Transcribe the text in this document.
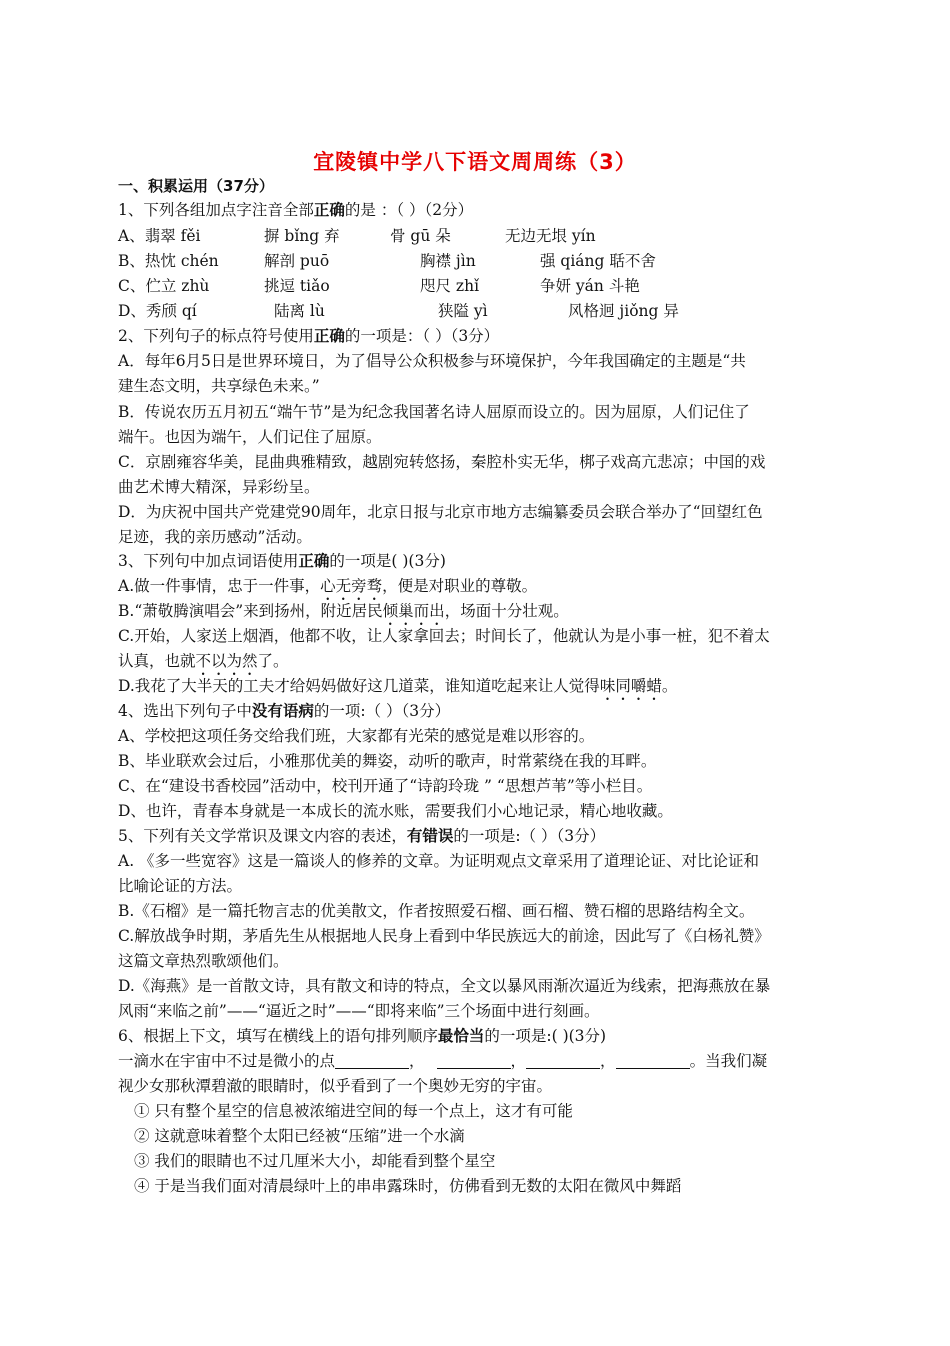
宜陵镇中学八下语文周周练（3）
一、积累运用（37分）
1、下列各组加点字注音全部正确的是 ：（ ）（2分）
A、翡翠 fěi	摒 bǐng 弃	骨 gū 朵	无边无垠 yín
B、热忱 chén	解剖 puō	胸襟 jìn	强 qiáng 聒不舍
C、伫立 zhù	挑逗 tiǎo	咫尺 zhǐ	争妍 yán 斗艳
D、秀颀 qí	陆离 lù	狭隘 yì	风格迥 jiǒng 异
2、下列句子的标点符号使用正确的一项是：（ ）（3分）
A．每年6月5日是世界环境日，为了倡导公众积极参与环境保护，今年我国确定的主题是“共
建生态文明，共享绿色未来。”
B．传说农历五月初五“端午节”是为纪念我国著名诗人屈原而设立的。因为屈原，人们记住了
端午。也因为端午，人们记住了屈原。
C．京剧雍容华美，昆曲典雅精致，越剧宛转悠扬，秦腔朴实无华，梆子戏高亢悲凉；中国的戏
曲艺术博大精深，异彩纷呈。
D．为庆祝中国共产党建党90周年，北京日报与北京市地方志编纂委员会联合举办了“回望红色
足迹，我的亲历感动”活动。
3、下列句中加点词语使用正确的一项是( )(3分)
A.做一件事情，忠于一件事，心无旁骛，便是对职业的尊敬。
B.“萧敬腾演唱会”来到扬州，附近居民倾巢而出，场面十分壮观。
C.开始，人家送上烟酒，他都不收，让人家拿回去；时间长了，他就认为是小事一桩，犯不着太
认真，也就不以为然了。
D.我花了大半天的工夫才给妈妈做好这几道菜，谁知道吃起来让人觉得味同嚼蜡。
4、选出下列句子中没有语病的一项:（ ）（3分）
A、学校把这项任务交给我们班，大家都有光荣的感觉是难以形容的。
B、毕业联欢会过后，小雅那优美的舞姿，动听的歌声，时常萦绕在我的耳畔。
C、在“建设书香校园”活动中，校刊开通了“诗韵玲珑 ” “思想芦苇”等小栏目。
D、也许，青春本身就是一本成长的流水账，需要我们小心地记录，精心地收藏。
5、下列有关文学常识及课文内容的表述，有错误的一项是:（ ）（3分）
A. 《多一些宽容》这是一篇谈人的修养的文章。为证明观点文章采用了道理论证、对比论证和
比喻论证的方法。
B.《石榴》是一篇托物言志的优美散文，作者按照爱石榴、画石榴、赞石榴的思路结构全文。
C.解放战争时期，茅盾先生从根据地人民身上看到中华民族远大的前途，因此写了《白杨礼赞》
这篇文章热烈歌颂他们。
D.《海燕》是一首散文诗，具有散文和诗的特点，全文以暴风雨渐次逼近为线索，把海燕放在暴
风雨“来临之前”——“逼近之时”——“即将来临”三个场面中进行刻画。
6、根据上下文，填写在横线上的语句排列顺序最恰当的一项是:( )(3分)
一滴水在宇宙中不过是微小的点	，	，	，	。当我们凝
视少女那秋潭碧澈的眼睛时，似乎看到了一个奥妙无穷的宇宙。
① 只有整个星空的信息被浓缩进空间的每一个点上，这才有可能
② 这就意味着整个太阳已经被“压缩”进一个水滴
③ 我们的眼睛也不过几厘米大小，却能看到整个星空
④ 于是当我们面对清晨绿叶上的串串露珠时，仿佛看到无数的太阳在微风中舞蹈
